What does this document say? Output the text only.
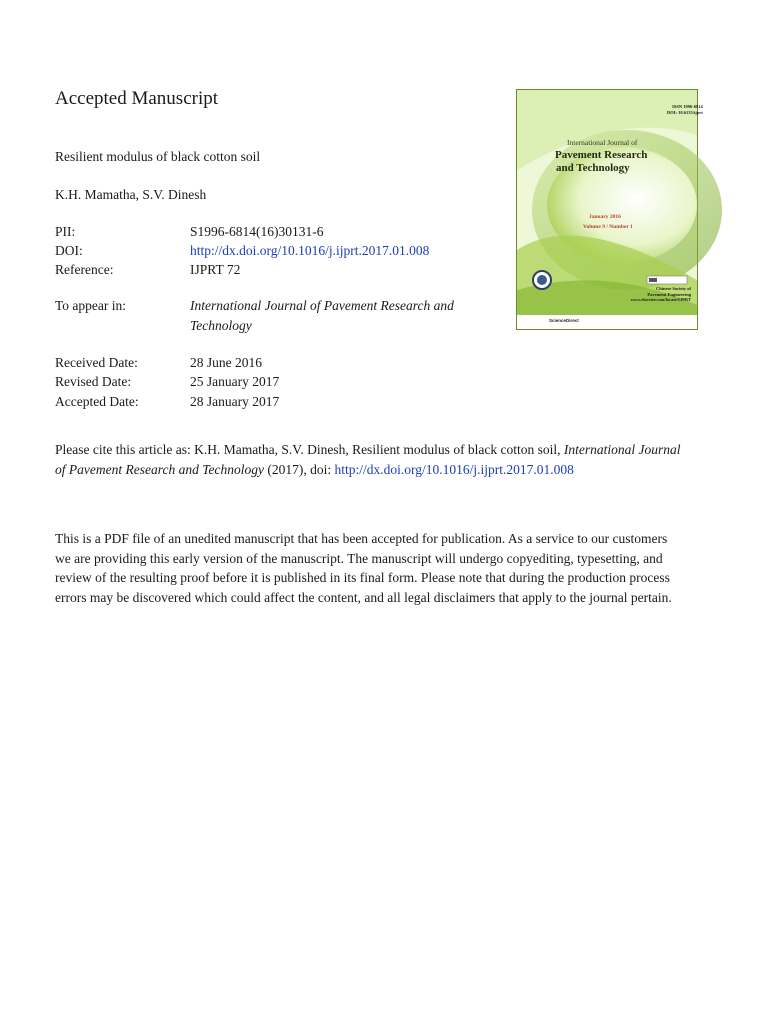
Accepted Manuscript	ISSN 1996-6814
DOI: 10.6135/ijprt
International Journal of
Pavement Research
and Technology
January 2016
Volume 9 / Number 1
Chinese Society of
Pavement Engineering
www.elsevier.com/locate/IJPRT
ScienceDirect
Resilient modulus of black cotton soil
K.H. Mamatha, S.V. Dinesh
PII:	S1996-6814(16)30131-6
DOI:	http://dx.doi.org/10.1016/j.ijprt.2017.01.008
Reference:	IJPRT 72
To appear in:	International Journal of Pavement Research and
Technology
Received Date:	28 June 2016
Revised Date:	25 January 2017
Accepted Date:	28 January 2017
Please cite this article as: K.H. Mamatha, S.V. Dinesh, Resilient modulus of black cotton soil, International Journal
of Pavement Research and Technology (2017), doi: http://dx.doi.org/10.1016/j.ijprt.2017.01.008
This is a PDF file of an unedited manuscript that has been accepted for publication. As a service to our customers
we are providing this early version of the manuscript. The manuscript will undergo copyediting, typesetting, and
review of the resulting proof before it is published in its final form. Please note that during the production process
errors may be discovered which could affect the content, and all legal disclaimers that apply to the journal pertain.
